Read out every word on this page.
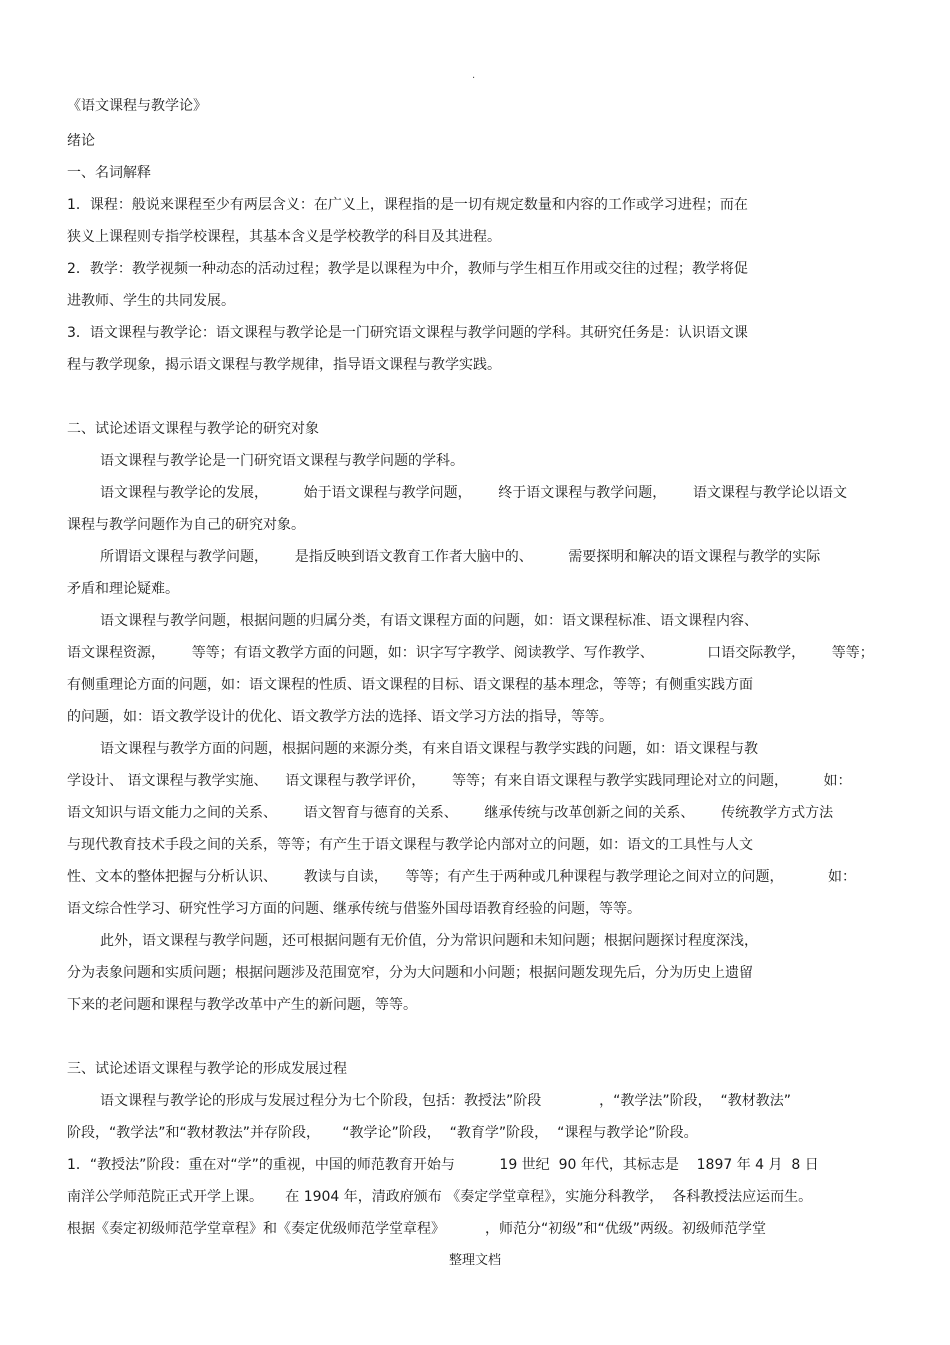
.
《语文课程与教学论》
绪论
一、名词解释
1．课程：般说来课程至少有两层含义：在广义上，课程指的是一切有规定数量和内容的工作或学习进程；而在
狭义上课程则专指学校课程，其基本含义是学校教学的科目及其进程。
2．教学：教学视频一种动态的活动过程；教学是以课程为中介，教师与学生相互作用或交往的过程；教学将促
进教师、学生的共同发展。
3．语文课程与教学论：语文课程与教学论是一门研究语文课程与教学问题的学科。其研究任务是：认识语文课
程与教学现象，揭示语文课程与教学规律，指导语文课程与教学实践。
二、试论述语文课程与教学论的研究对象
语文课程与教学论是一门研究语文课程与教学问题的学科。
语文课程与教学论的发展，        始于语文课程与教学问题，      终于语文课程与教学问题，      语文课程与教学论以语文
课程与教学问题作为自己的研究对象。
所谓语文课程与教学问题，      是指反映到语文教育工作者大脑中的、        需要探明和解决的语文课程与教学的实际
矛盾和理论疑难。
语文课程与教学问题，根据问题的归属分类，有语文课程方面的问题，如：语文课程标准、语文课程内容、
语文课程资源，      等等；有语文教学方面的问题，如：识字写字教学、阅读教学、写作教学、            口语交际教学，      等等；
有侧重理论方面的问题，如：语文课程的性质、语文课程的目标、语文课程的基本理念，等等；有侧重实践方面
的问题，如：语文教学设计的优化、语文教学方法的选择、语文学习方法的指导，等等。
语文课程与教学方面的问题，根据问题的来源分类，有来自语文课程与教学实践的问题，如：语文课程与教
学设计、 语文课程与教学实施、    语文课程与教学评价，      等等；有来自语文课程与教学实践同理论对立的问题，        如：
语文知识与语文能力之间的关系、      语文智育与德育的关系、      继承传统与改革创新之间的关系、      传统教学方式方法
与现代教育技术手段之间的关系，等等；有产生于语文课程与教学论内部对立的问题，如：语文的工具性与人文
性、文本的整体把握与分析认识、      教读与自读，    等等；有产生于两种或几种课程与教学理论之间对立的问题，          如：
语文综合性学习、研究性学习方面的问题、继承传统与借鉴外国母语教育经验的问题，等等。
此外，语文课程与教学问题，还可根据问题有无价值，分为常识问题和未知问题；根据问题探讨程度深浅，
分为表象问题和实质问题；根据问题涉及范围宽窄，分为大问题和小问题；根据问题发现先后，分为历史上遗留
下来的老问题和课程与教学改革中产生的新问题，等等。
三、试论述语文课程与教学论的形成发展过程
语文课程与教学论的形成与发展过程分为七个阶段，包括：教授法”阶段             ，“教学法”阶段，  “教材教法”
阶段，“教学法”和“教材教法”并存阶段，     “教学论”阶段，  “教育学”阶段，  “课程与教学论”阶段。
1．“教授法”阶段：重在对“学”的重视，中国的师范教育开始与          19 世纪  90 年代，其标志是    1897 年 4 月  8 日
南洋公学师范院正式开学上课。     在 1904 年，清政府颁布 《奏定学堂章程》，实施分科教学，  各科教授法应运而生。
根据《奏定初级师范学堂章程》和《奏定优级师范学堂章程》         ，师范分“初级”和“优级”两级。初级师范学堂
整理文档
